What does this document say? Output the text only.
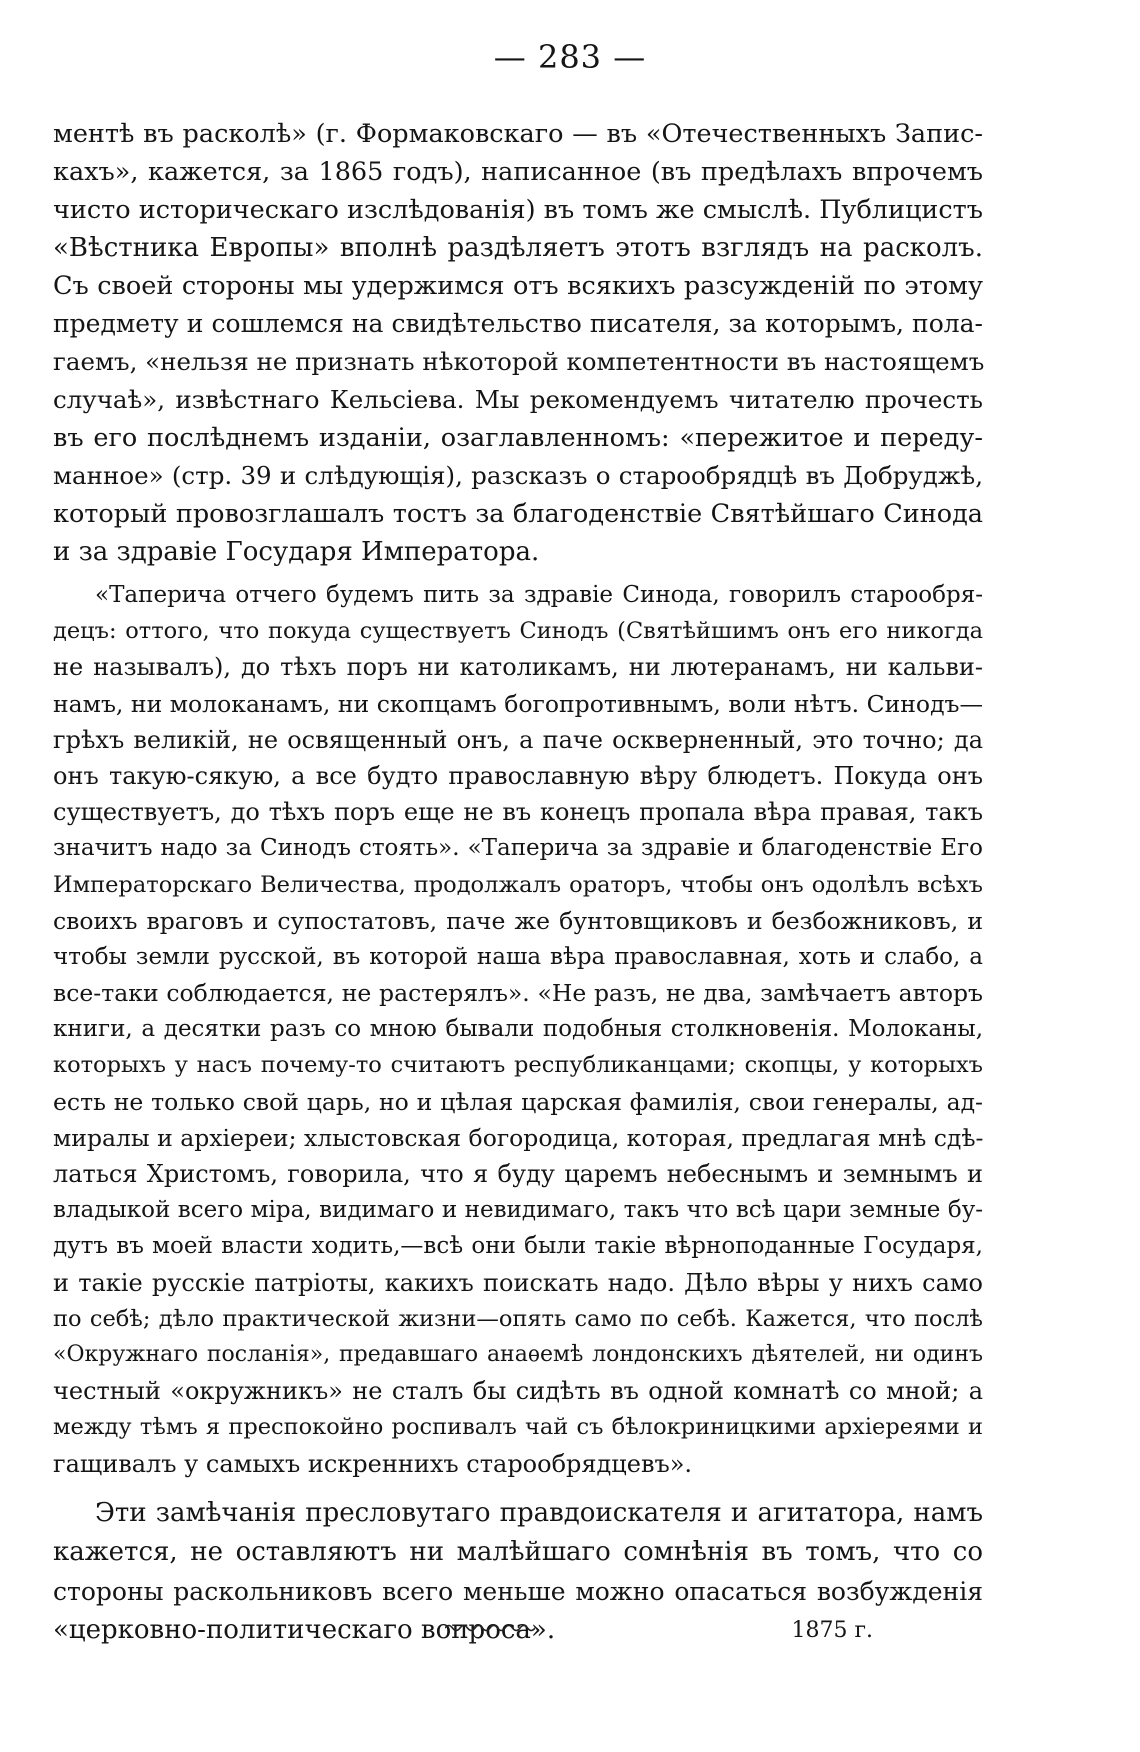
— 283 —
ментѣ въ расколѣ» (г. Формаковскаго — въ «Отечественныхъ Запис-
кахъ», кажется, за 1865 годъ), написанное (въ предѣлахъ впрочемъ
чисто историческаго изслѣдованія) въ томъ же смыслѣ. Публицистъ
«Вѣстника Европы» вполнѣ раздѣляетъ этотъ взглядъ на расколъ.
Съ своей стороны мы удержимся отъ всякихъ разсужденій по этому
предмету и сошлемся на свидѣтельство писателя, за которымъ, пола-
гаемъ, «нельзя не признать нѣкоторой компетентности въ настоящемъ
случаѣ», извѣстнаго Кельсіева. Мы рекомендуемъ читателю прочесть
въ его послѣднемъ изданіи, озаглавленномъ: «пережитое и переду-
манное» (стр. 39 и слѣдующія), разсказъ о старообрядцѣ въ Добруджѣ,
который провозглашалъ тостъ за благоденствіе Святѣйшаго Синода
и за здравіе Государя Императора.
«Таперича отчего будемъ пить за здравіе Синода, говорилъ старообря-
децъ: оттого, что покуда существуетъ Синодъ (Святѣйшимъ онъ его никогда
не называлъ), до тѣхъ поръ ни католикамъ, ни лютеранамъ, ни кальви-
намъ, ни молоканамъ, ни скопцамъ богопротивнымъ, воли нѣтъ. Синодъ—
грѣхъ великій, не освященный онъ, а паче оскверненный, это точно; да
онъ такую-сякую, а все будто православную вѣру блюдетъ. Покуда онъ
существуетъ, до тѣхъ поръ еще не въ конецъ пропала вѣра правая, такъ
значитъ надо за Синодъ стоять». «Таперича за здравіе и благоденствіе Его
Императорскаго Величества, продолжалъ ораторъ, чтобы онъ одолѣлъ всѣхъ
своихъ враговъ и супостатовъ, паче же бунтовщиковъ и безбожниковъ, и
чтобы земли русской, въ которой наша вѣра православная, хоть и слабо, а
все-таки соблюдается, не растерялъ». «Не разъ, не два, замѣчаетъ авторъ
книги, а десятки разъ со мною бывали подобныя столкновенія. Молоканы,
которыхъ у насъ почему-то считаютъ республиканцами; скопцы, у которыхъ
есть не только свой царь, но и цѣлая царская фамилія, свои генералы, ад-
миралы и архіереи; хлыстовская богородица, которая, предлагая мнѣ сдѣ-
латься Христомъ, говорила, что я буду царемъ небеснымъ и земнымъ и
владыкой всего міра, видимаго и невидимаго, такъ что всѣ цари земные бу-
дутъ въ моей власти ходить,—всѣ они были такіе вѣрноподанные Государя,
и такіе русскіе патріоты, какихъ поискать надо. Дѣло вѣры у нихъ само
по себѣ; дѣло практической жизни—опять само по себѣ. Кажется, что послѣ
«Окружнаго посланія», предавшаго анаѳемѣ лондонскихъ дѣятелей, ни одинъ
честный «окружникъ» не сталъ бы сидѣть въ одной комнатѣ со мной; а
между тѣмъ я преспокойно роспивалъ чай съ бѣлокриницкими архіереями и
гащивалъ у самыхъ искреннихъ старообрядцевъ».
Эти замѣчанія пресловутаго правдоискателя и агитатора, намъ
кажется, не оставляютъ ни малѣйшаго сомнѣнія въ томъ, что со
стороны раскольниковъ всего меньше можно опасаться возбужденія
«церковно-политическаго вопроса».	1875 г.
